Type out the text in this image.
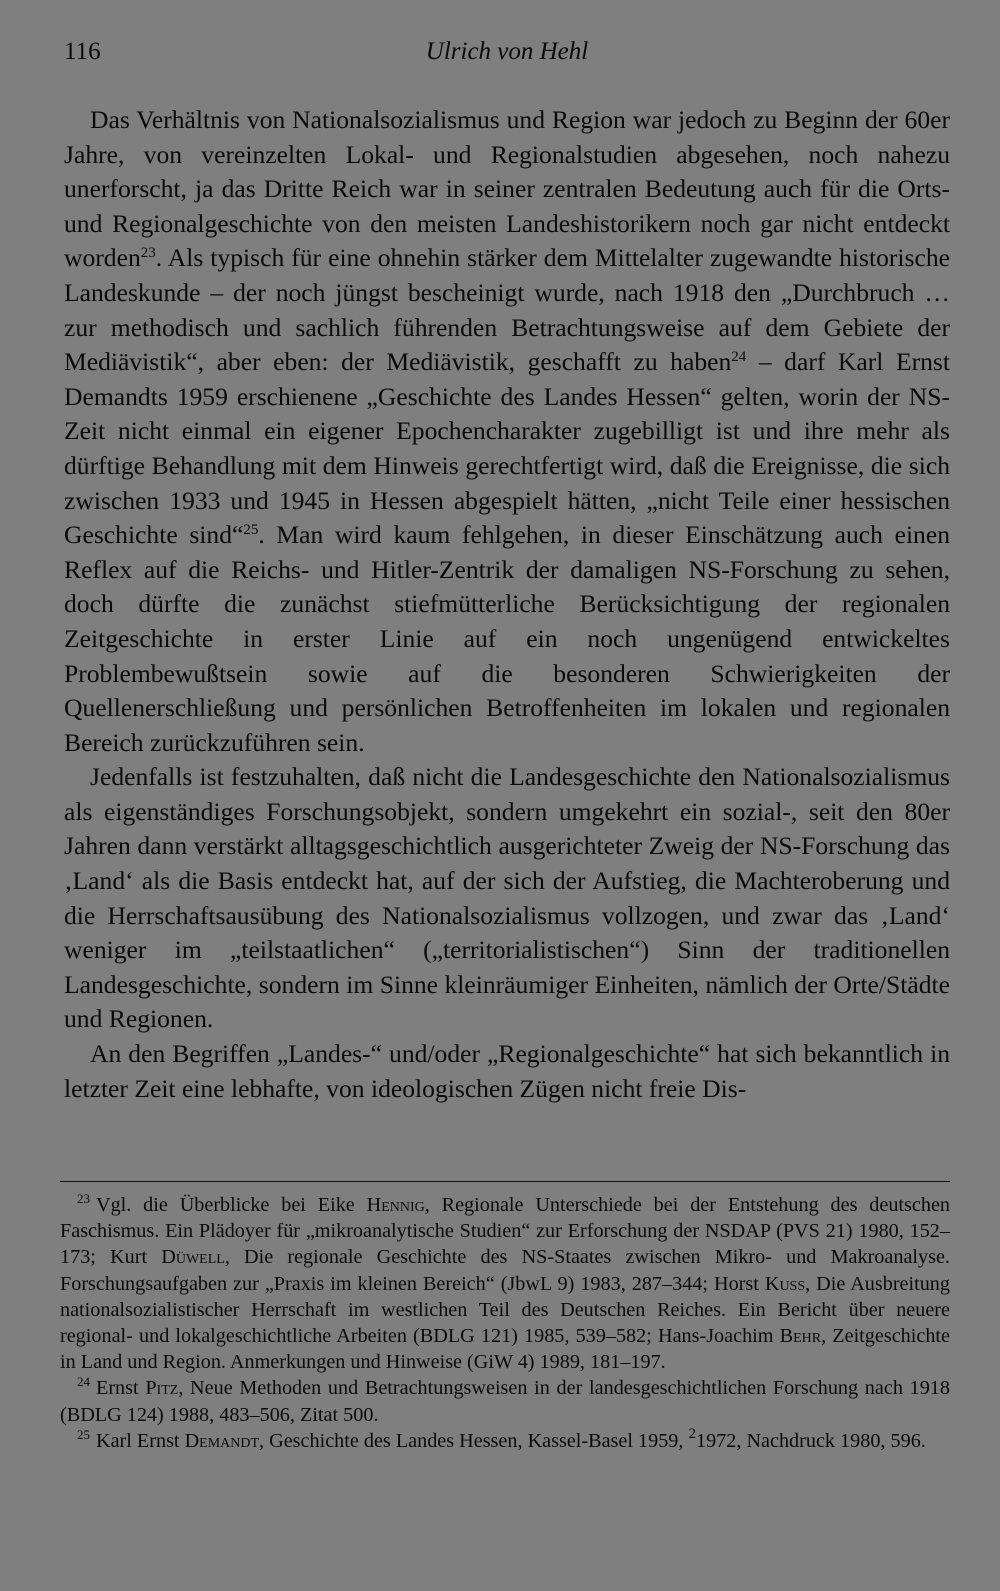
116	Ulrich von Hehl

Das Verhältnis von Nationalsozialismus und Region war jedoch zu Beginn der 60er Jahre, von vereinzelten Lokal- und Regionalstudien abgesehen, noch nahezu unerforscht, ja das Dritte Reich war in seiner zentralen Bedeutung auch für die Orts- und Regionalgeschichte von den meisten Landeshistorikern noch gar nicht entdeckt worden$^{23}$. Als typisch für eine ohnehin stärker dem Mittelalter zugewandte historische Landeskunde – der noch jüngst bescheinigt wurde, nach 1918 den „Durchbruch … zur methodisch und sachlich führenden Betrachtungsweise auf dem Gebiete der Mediävistik“, aber eben: der Mediävistik, geschafft zu haben$^{24}$ – darf Karl Ernst Demandts 1959 erschienene „Geschichte des Landes Hessen“ gelten, worin der NS-Zeit nicht einmal ein eigener Epochencharakter zugebilligt ist und ihre mehr als dürftige Behandlung mit dem Hinweis gerechtfertigt wird, daß die Ereignisse, die sich zwischen 1933 und 1945 in Hessen abgespielt hätten, „nicht Teile einer hessischen Geschichte sind“$^{25}$. Man wird kaum fehlgehen, in dieser Einschätzung auch einen Reflex auf die Reichs- und Hitler-Zentrik der damaligen NS-Forschung zu sehen, doch dürfte die zunächst stiefmütterliche Berücksichtigung der regionalen Zeitgeschichte in erster Linie auf ein noch ungenügend entwickeltes Problembewußtsein sowie auf die besonderen Schwierigkeiten der Quellenerschließung und persönlichen Betroffenheiten im lokalen und regionalen Bereich zurückzuführen sein.

Jedenfalls ist festzuhalten, daß nicht die Landesgeschichte den Nationalsozialismus als eigenständiges Forschungsobjekt, sondern umgekehrt ein sozial-, seit den 80er Jahren dann verstärkt alltagsgeschichtlich ausgerichteter Zweig der NS-Forschung das ‚Land‘ als die Basis entdeckt hat, auf der sich der Aufstieg, die Machteroberung und die Herrschaftsausübung des Nationalsozialismus vollzogen, und zwar das ‚Land‘ weniger im „teilstaatlichen“ („territorialistischen“) Sinn der traditionellen Landesgeschichte, sondern im Sinne kleinräumiger Einheiten, nämlich der Orte/Städte und Regionen.

An den Begriffen „Landes-“ und/oder „Regionalgeschichte“ hat sich bekanntlich in letzter Zeit eine lebhafte, von ideologischen Zügen nicht freie Dis-

$^{23}$ Vgl. die Überblicke bei Eike Hennig, Regionale Unterschiede bei der Entstehung des deutschen Faschismus. Ein Plädoyer für „mikroanalytische Studien“ zur Erforschung der NSDAP (PVS 21) 1980, 152–173; Kurt Düwell, Die regionale Geschichte des NS-Staates zwischen Mikro- und Makroanalyse. Forschungsaufgaben zur „Praxis im kleinen Bereich“ (JbwL 9) 1983, 287–344; Horst Kuss, Die Ausbreitung nationalsozialistischer Herrschaft im westlichen Teil des Deutschen Reiches. Ein Bericht über neuere regional- und lokalgeschichtliche Arbeiten (BDLG 121) 1985, 539–582; Hans-Joachim Behr, Zeitgeschichte in Land und Region. Anmerkungen und Hinweise (GiW 4) 1989, 181–197.

$^{24}$ Ernst Pitz, Neue Methoden und Betrachtungsweisen in der landesgeschichtlichen Forschung nach 1918 (BDLG 124) 1988, 483–506, Zitat 500.

$^{25}$ Karl Ernst Demandt, Geschichte des Landes Hessen, Kassel-Basel 1959, $^2$1972, Nachdruck 1980, 596.
